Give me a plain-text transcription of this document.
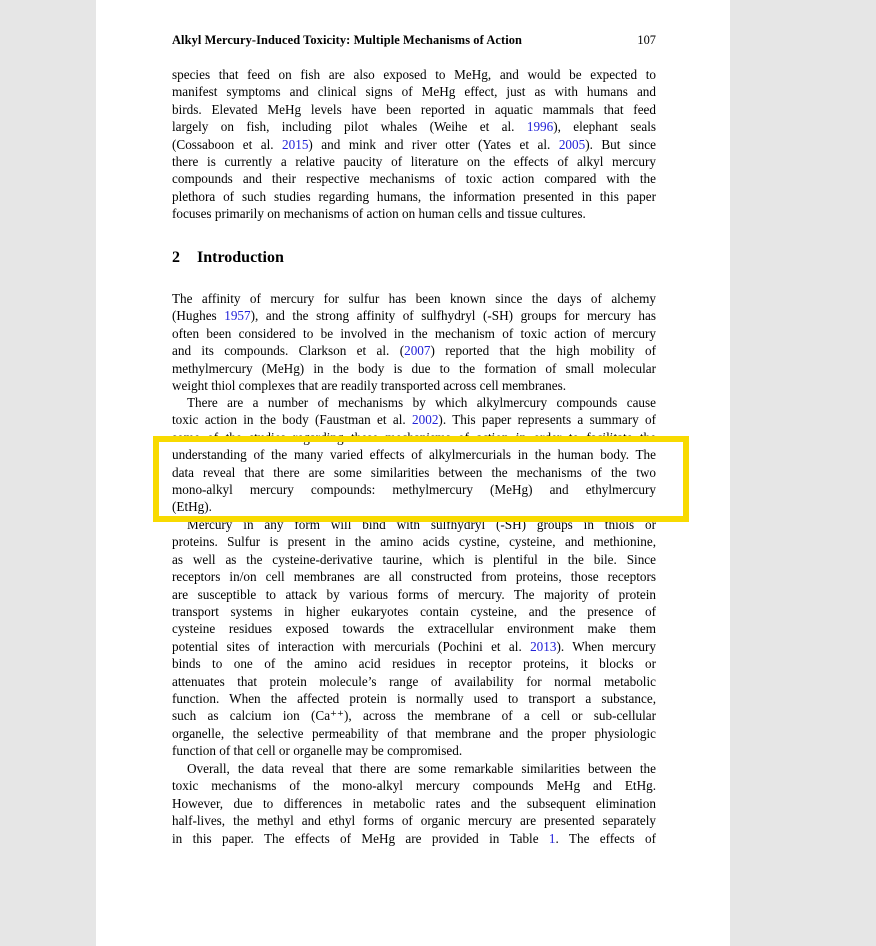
Alkyl Mercury-Induced Toxicity: Multiple Mechanisms of Action	107
species that feed on fish are also exposed to MeHg, and would be expected to
manifest symptoms and clinical signs of MeHg effect, just as with humans and
birds. Elevated MeHg levels have been reported in aquatic mammals that feed
largely on fish, including pilot whales (Weihe et al. 1996), elephant seals
(Cossaboon et al. 2015) and mink and river otter (Yates et al. 2005). But since
there is currently a relative paucity of literature on the effects of alkyl mercury
compounds and their respective mechanisms of toxic action compared with the
plethora of such studies regarding humans, the information presented in this paper
focuses primarily on mechanisms of action on human cells and tissue cultures.
2 Introduction
The affinity of mercury for sulfur has been known since the days of alchemy
(Hughes 1957), and the strong affinity of sulfhydryl (-SH) groups for mercury has
often been considered to be involved in the mechanism of toxic action of mercury
and its compounds. Clarkson et al. (2007) reported that the high mobility of
methylmercury (MeHg) in the body is due to the formation of small molecular
weight thiol complexes that are readily transported across cell membranes.
There are a number of mechanisms by which alkylmercury compounds cause
toxic action in the body (Faustman et al. 2002). This paper represents a summary of
some of the studies regarding these mechanisms of action in order to facilitate the
understanding of the many varied effects of alkylmercurials in the human body. The
data reveal that there are some similarities between the mechanisms of the two
mono-alkyl mercury compounds: methylmercury (MeHg) and ethylmercury
(EtHg).
Mercury in any form will bind with sulfhydryl (-SH) groups in thiols or
proteins. Sulfur is present in the amino acids cystine, cysteine, and methionine,
as well as the cysteine-derivative taurine, which is plentiful in the bile. Since
receptors in/on cell membranes are all constructed from proteins, those receptors
are susceptible to attack by various forms of mercury. The majority of protein
transport systems in higher eukaryotes contain cysteine, and the presence of
cysteine residues exposed towards the extracellular environment make them
potential sites of interaction with mercurials (Pochini et al. 2013). When mercury
binds to one of the amino acid residues in receptor proteins, it blocks or
attenuates that protein molecule’s range of availability for normal metabolic
function. When the affected protein is normally used to transport a substance,
such as calcium ion (Ca⁺⁺), across the membrane of a cell or sub-cellular
organelle, the selective permeability of that membrane and the proper physiologic
function of that cell or organelle may be compromised.
Overall, the data reveal that there are some remarkable similarities between the
toxic mechanisms of the mono-alkyl mercury compounds MeHg and EtHg.
However, due to differences in metabolic rates and the subsequent elimination
half-lives, the methyl and ethyl forms of organic mercury are presented separately
in this paper. The effects of MeHg are provided in Table 1. The effects of
